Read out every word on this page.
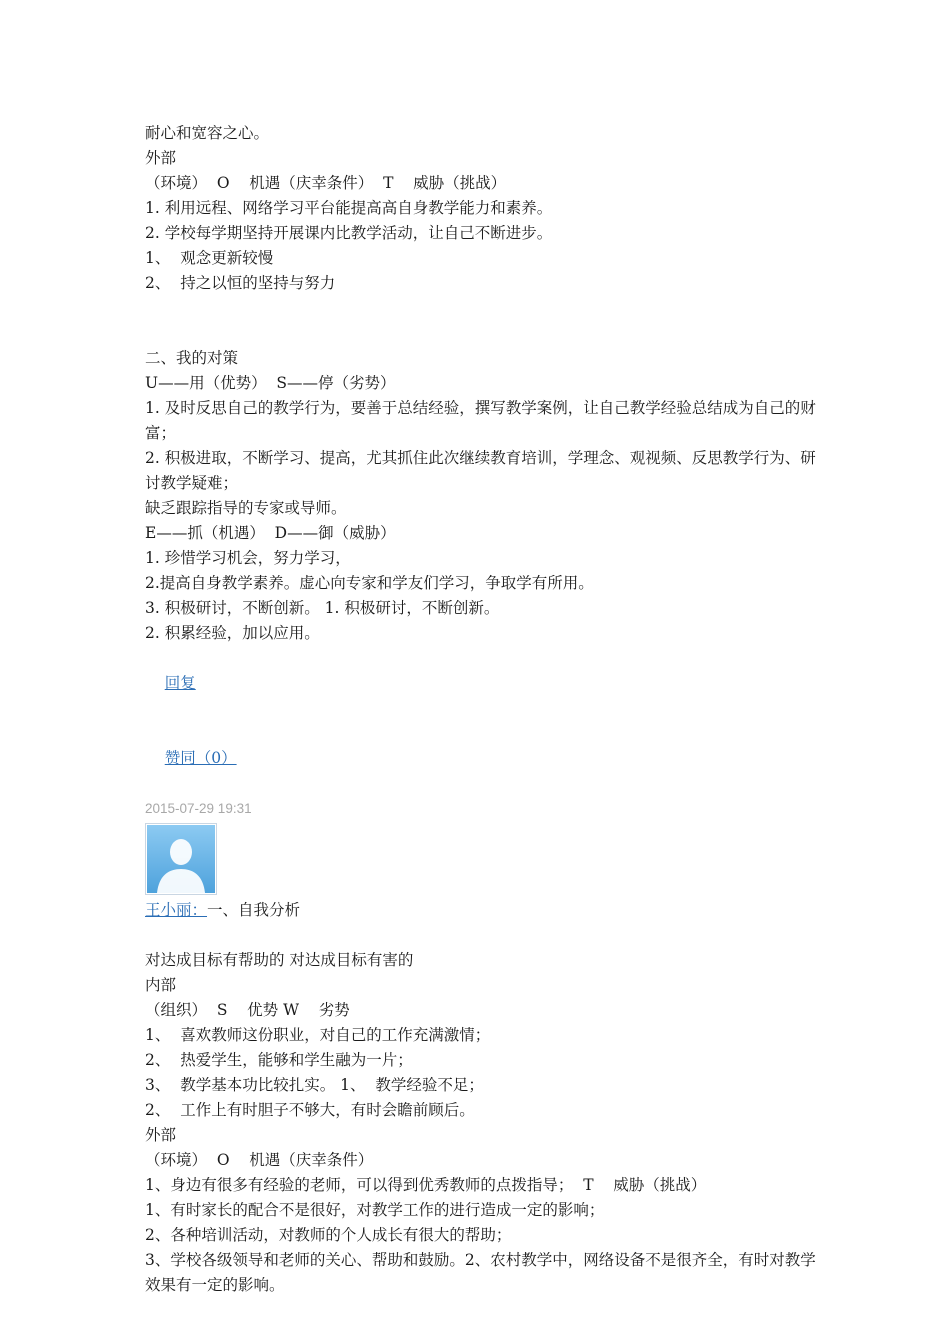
耐心和宽容之心。
外部
（环境）  O    机遇（庆幸条件）  T    威胁（挑战）
1. 利用远程、网络学习平台能提高高自身教学能力和素养。
2. 学校每学期坚持开展课内比教学活动，让自己不断进步。
1、  观念更新较慢
2、  持之以恒的坚持与努力
二、我的对策
U——用（优势）  S——停（劣势）
1. 及时反思自己的教学行为，要善于总结经验，撰写教学案例，让自己教学经验总结成为自己的财富；
2. 积极进取，不断学习、提高，尤其抓住此次继续教育培训，学理念、观视频、反思教学行为、研讨教学疑难；
缺乏跟踪指导的专家或导师。
E——抓（机遇）  D——御（威胁）
1. 珍惜学习机会，努力学习，
2.提高自身教学素养。虚心向专家和学友们学习，争取学有所用。
3. 积极研讨，不断创新。 1. 积极研讨，不断创新。
2. 积累经验，加以应用。

回复

赞同（0）

2015-07-29 19:31
王小丽：一、自我分析
对达成目标有帮助的 对达成目标有害的
内部
（组织）  S    优势 W    劣势
1、  喜欢教师这份职业，对自己的工作充满激情；
2、  热爱学生，能够和学生融为一片；
3、  教学基本功比较扎实。 1、  教学经验不足；
2、  工作上有时胆子不够大，有时会瞻前顾后。
外部
（环境）  O    机遇（庆幸条件）
1、身边有很多有经验的老师，可以得到优秀教师的点拨指导；  T    威胁（挑战）
1、有时家长的配合不是很好，对教学工作的进行造成一定的影响；
2、各种培训活动，对教师的个人成长有很大的帮助；
3、学校各级领导和老师的关心、帮助和鼓励。2、农村教学中，网络设备不是很齐全，有时对教学效果有一定的影响。
